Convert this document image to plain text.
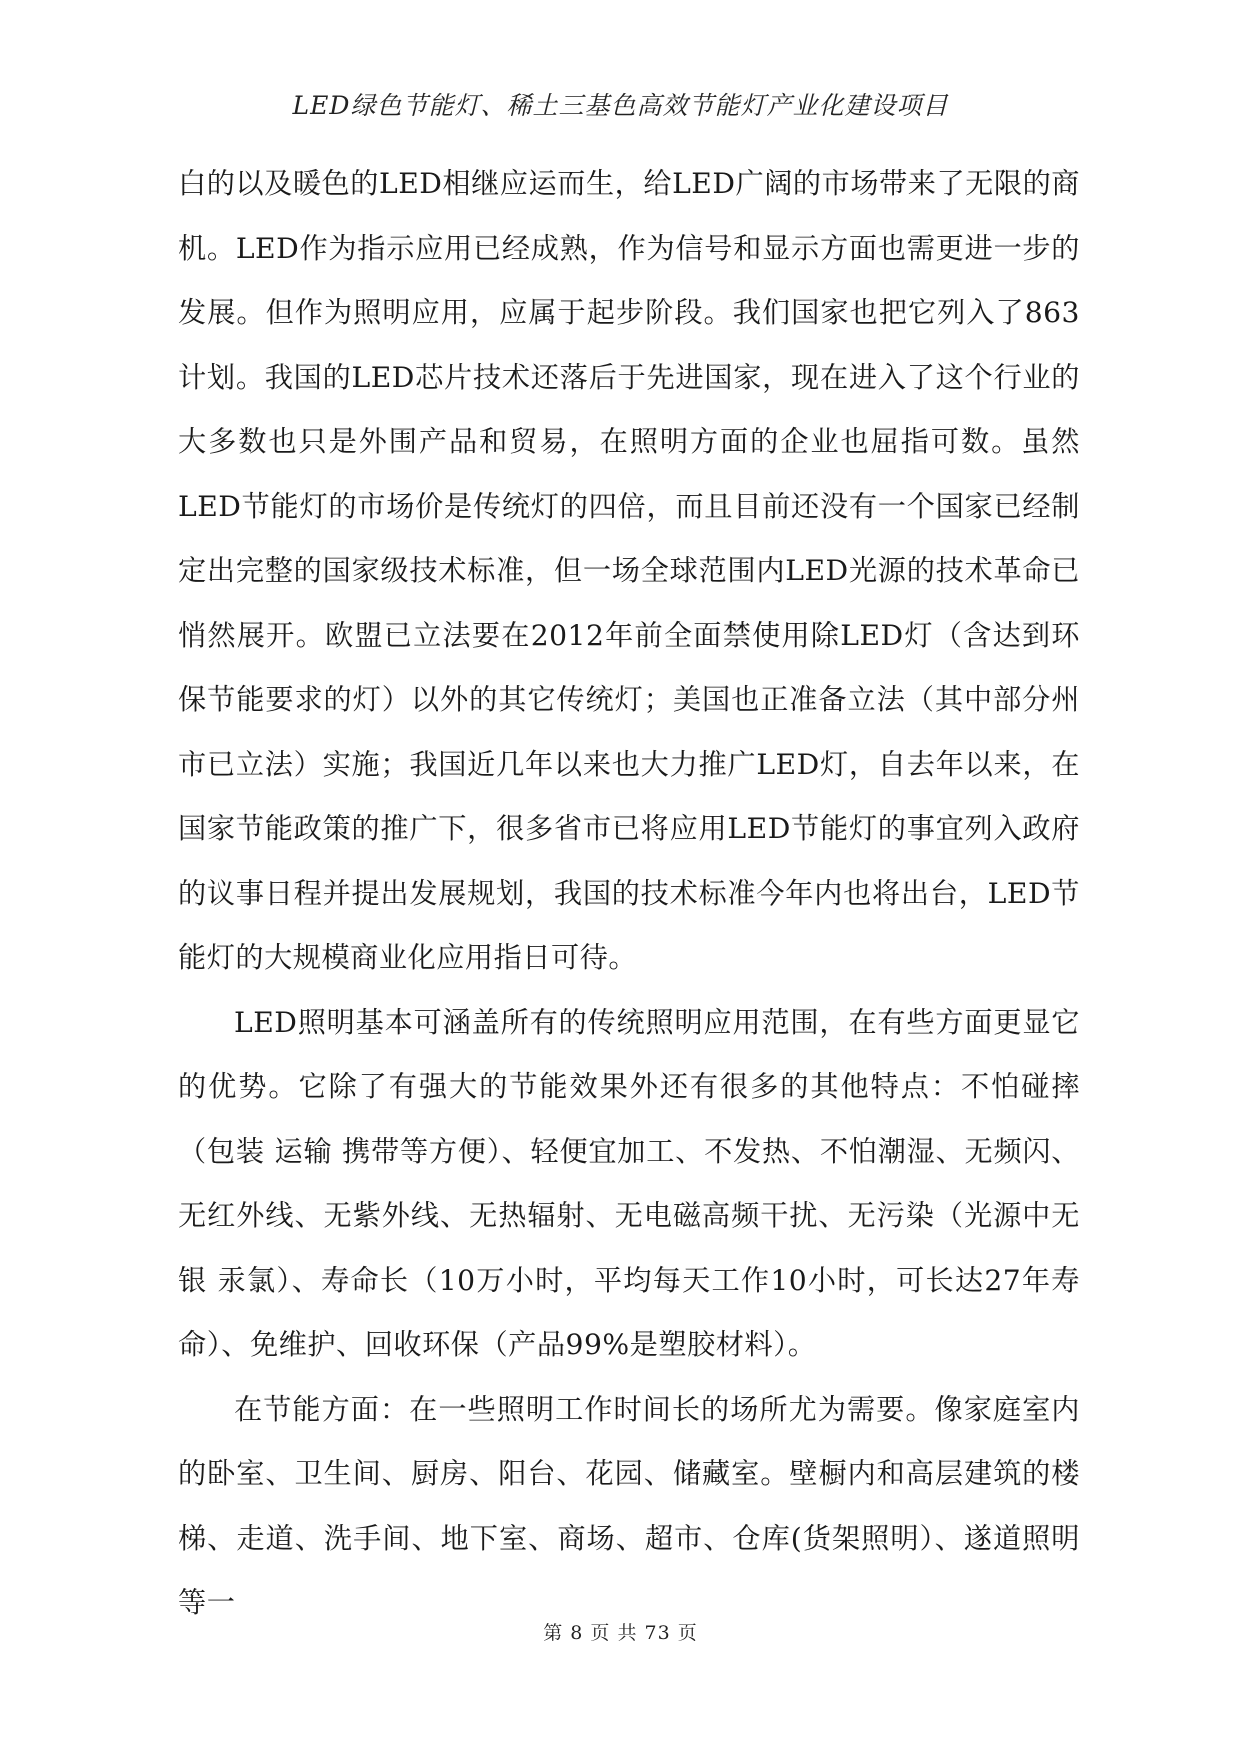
LED绿色节能灯、稀土三基色高效节能灯产业化建设项目

白的以及暖色的LED相继应运而生，给LED广阔的市场带来了无限的商机。LED作为指示应用已经成熟，作为信号和显示方面也需更进一步的发展。但作为照明应用，应属于起步阶段。我们国家也把它列入了863计划。我国的LED芯片技术还落后于先进国家，现在进入了这个行业的大多数也只是外围产品和贸易，在照明方面的企业也屈指可数。虽然LED节能灯的市场价是传统灯的四倍，而且目前还没有一个国家已经制定出完整的国家级技术标准，但一场全球范围内LED光源的技术革命已悄然展开。欧盟已立法要在2012年前全面禁使用除LED灯（含达到环保节能要求的灯）以外的其它传统灯；美国也正准备立法（其中部分州市已立法）实施；我国近几年以来也大力推广LED灯，自去年以来，在国家节能政策的推广下，很多省市已将应用LED节能灯的事宜列入政府的议事日程并提出发展规划，我国的技术标准今年内也将出台，LED节能灯的大规模商业化应用指日可待。

LED照明基本可涵盖所有的传统照明应用范围，在有些方面更显它的优势。它除了有强大的节能效果外还有很多的其他特点：不怕碰摔（包装 运输 携带等方便）、轻便宜加工、不发热、不怕潮湿、无频闪、无红外线、无紫外线、无热辐射、无电磁高频干扰、无污染（光源中无银 汞氯）、寿命长（10万小时，平均每天工作10小时，可长达27年寿命）、免维护、回收环保（产品99%是塑胶材料）。

在节能方面：在一些照明工作时间长的场所尤为需要。像家庭室内的卧室、卫生间、厨房、阳台、花园、储藏室。壁橱内和高层建筑的楼梯、走道、洗手间、地下室、商场、超市、仓库(货架照明）、遂道照明等一

第 8 页 共 73 页
